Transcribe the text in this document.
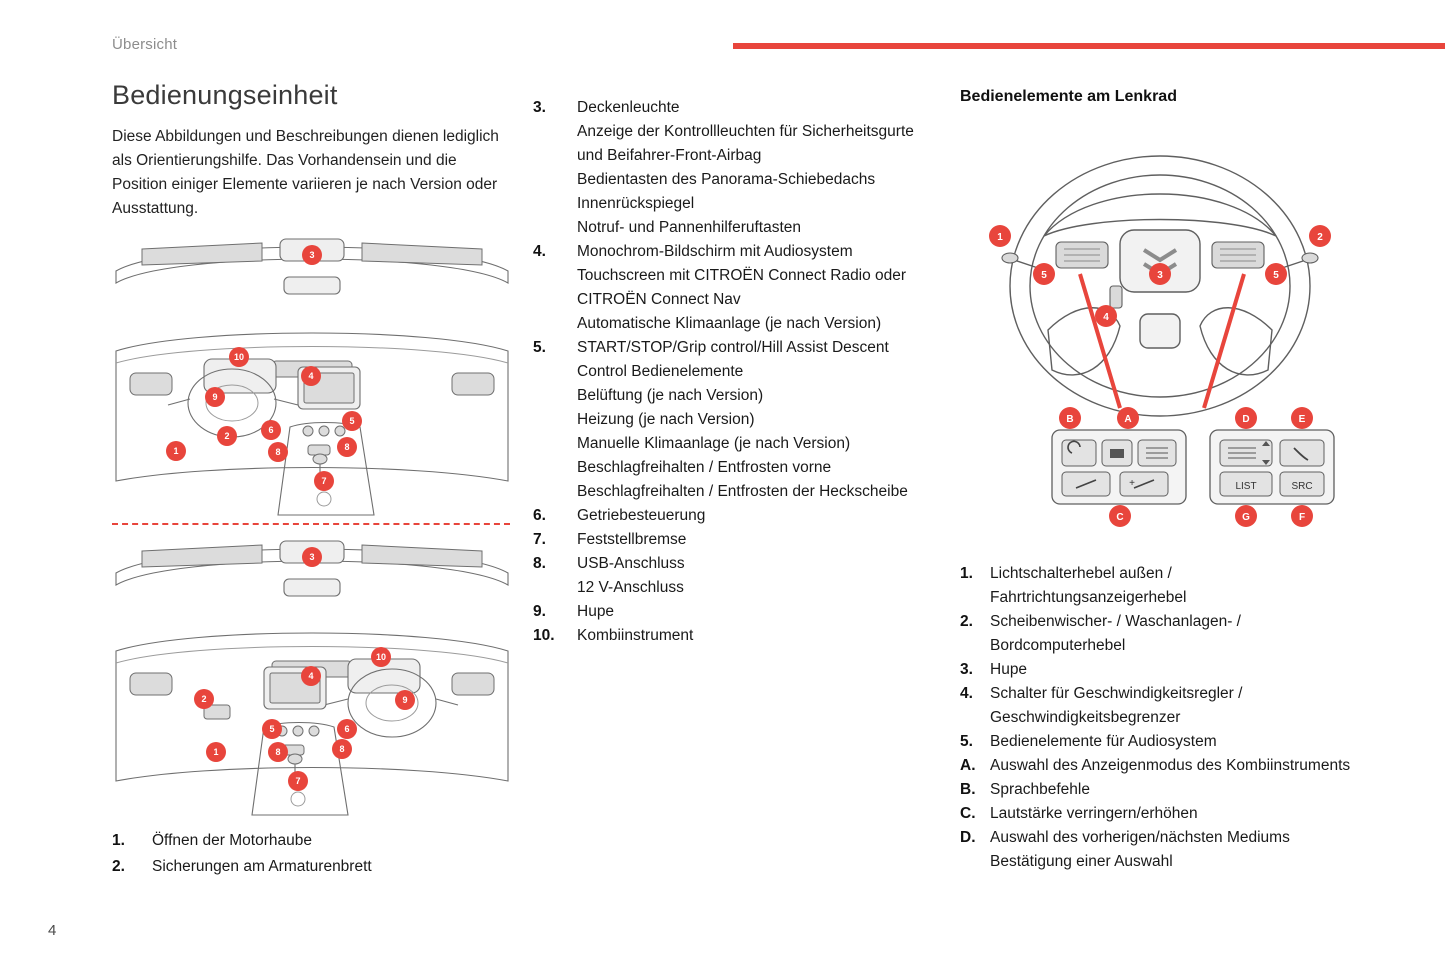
Übersicht
Bedienungseinheit

Diese Abbildungen und Beschreibungen dienen lediglich als Orientierungshilfe. Das Vorhandensein und die Position einiger Elemente variieren je nach Version oder Ausstattung.

3
10
9
4
1
2
6
5
8	8
7
3
4
10
2	9
5	6
1	8	8
7
1.	Öffnen der Motorhaube
2.	Sicherungen am Armaturenbrett
3.	Deckenleuchte
Anzeige der Kontrollleuchten für Sicherheitsgurte und Beifahrer-Front-Airbag
Bedientasten des Panorama-Schiebedachs
Innenrückspiegel
Notruf- und Pannenhilferuftasten
4.	Monochrom-Bildschirm mit Audiosystem
Touchscreen mit CITROËN Connect Radio oder CITROËN Connect Nav
Automatische Klimaanlage (je nach Version)
5.	START/STOP/Grip control/Hill Assist Descent Control Bedienelemente
Belüftung (je nach Version)
Heizung (je nach Version)
Manuelle Klimaanlage (je nach Version)
Beschlagfreihalten / Entfrosten vorne
Beschlagfreihalten / Entfrosten der Heckscheibe
6.	Getriebesteuerung
7.	Feststellbremse
8.	USB-Anschluss
12 V-Anschluss
9.	Hupe
10.	Kombiinstrument
Bedienelemente am Lenkrad
1	2
5	3	5
4
+
B	A
C
LIST	SRC
D	E
G	F
1.	Lichtschalterhebel außen / Fahrtrichtungsanzeigerhebel
2.	Scheibenwischer- / Waschanlagen- / Bordcomputerhebel
3.	Hupe
4.	Schalter für Geschwindigkeitsregler / Geschwindigkeitsbegrenzer
5.	Bedienelemente für Audiosystem
A. Auswahl des Anzeigenmodus des Kombiinstruments
B. Sprachbefehle
C. Lautstärke verringern/erhöhen
D. Auswahl des vorherigen/nächsten Mediums Bestätigung einer Auswahl
4
